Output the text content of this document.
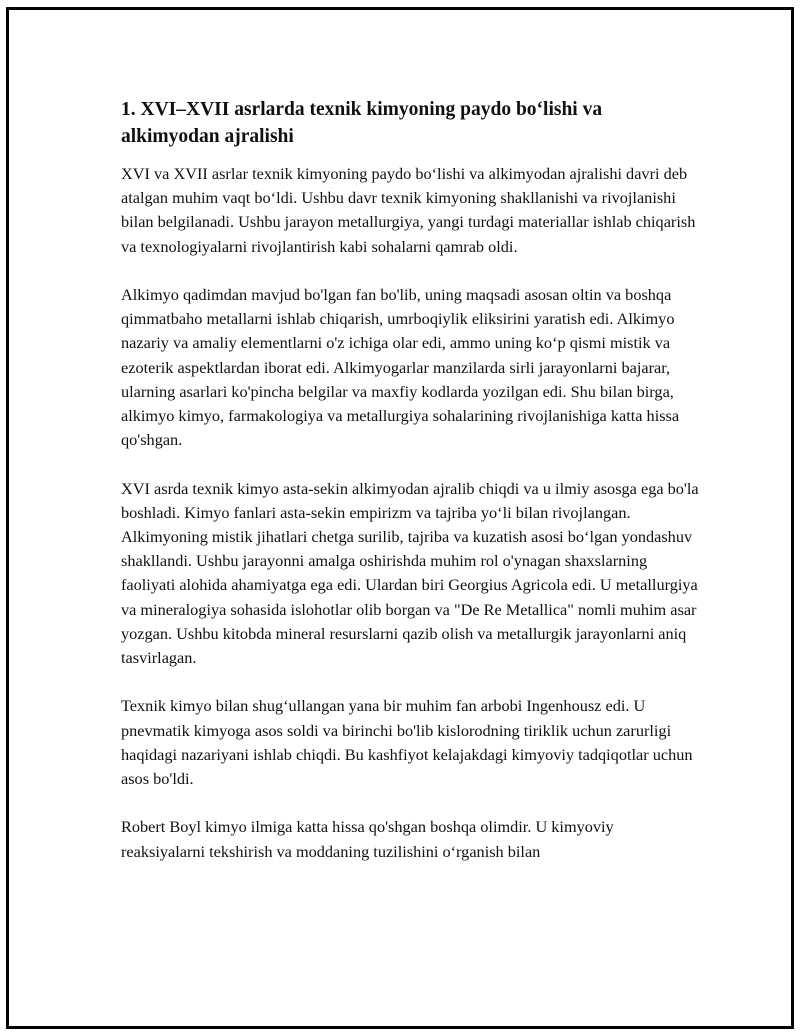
1. XVI–XVII asrlarda texnik kimyoning paydo bo‘lishi va alkimyodan ajralishi

XVI va XVII asrlar texnik kimyoning paydo bo‘lishi va alkimyodan ajralishi davri deb atalgan muhim vaqt bo‘ldi. Ushbu davr texnik kimyoning shakllanishi va rivojlanishi bilan belgilanadi. Ushbu jarayon metallurgiya, yangi turdagi materiallar ishlab chiqarish va texnologiyalarni rivojlantirish kabi sohalarni qamrab oldi.

Alkimyo qadimdan mavjud bo'lgan fan bo'lib, uning maqsadi asosan oltin va boshqa qimmatbaho metallarni ishlab chiqarish, umrboqiylik eliksirini yaratish edi. Alkimyo nazariy va amaliy elementlarni o'z ichiga olar edi, ammo uning ko‘p qismi mistik va ezoterik aspektlardan iborat edi. Alkimyogarlar manzilarda sirli jarayonlarni bajarar, ularning asarlari ko'pincha belgilar va maxfiy kodlarda yozilgan edi. Shu bilan birga, alkimyo kimyo, farmakologiya va metallurgiya sohalarining rivojlanishiga katta hissa qo'shgan.

XVI asrda texnik kimyo asta-sekin alkimyodan ajralib chiqdi va u ilmiy asosga ega bo'la boshladi. Kimyo fanlari asta-sekin empirizm va tajriba yo‘li bilan rivojlangan. Alkimyoning mistik jihatlari chetga surilib, tajriba va kuzatish asosi bo‘lgan yondashuv shakllandi. Ushbu jarayonni amalga oshirishda muhim rol o'ynagan shaxslarning faoliyati alohida ahamiyatga ega edi. Ulardan biri Georgius Agricola edi. U metallurgiya va mineralogiya sohasida islohotlar olib borgan va "De Re Metallica" nomli muhim asar yozgan. Ushbu kitobda mineral resurslarni qazib olish va metallurgik jarayonlarni aniq tasvirlagan.

Texnik kimyo bilan shug‘ullangan yana bir muhim fan arbobi Ingenhousz edi. U pnevmatik kimyoga asos soldi va birinchi bo'lib kislorodning tiriklik uchun zarurligi haqidagi nazariyani ishlab chiqdi. Bu kashfiyot kelajakdagi kimyoviy tadqiqotlar uchun asos bo'ldi.

Robert Boyl kimyo ilmiga katta hissa qo'shgan boshqa olimdir. U kimyoviy reaksiyalarni tekshirish va moddaning tuzilishini o‘rganish bilan
